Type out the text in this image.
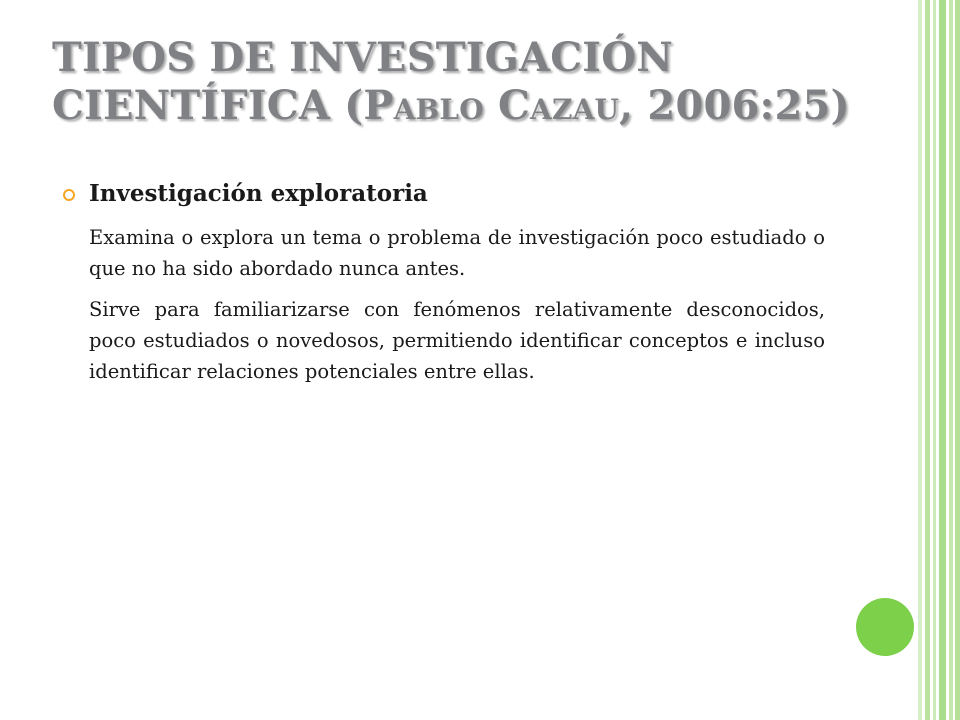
TIPOS DE INVESTIGACIÓN
CIENTÍFICA (Pablo Cazau, 2006:25)
Investigación exploratoria

Examina o explora un tema o problema de investigación poco estudiado o que no ha sido abordado nunca antes.

Sirve para familiarizarse con fenómenos relativamente desconocidos, poco estudiados o novedosos, permitiendo identificar conceptos e incluso identificar relaciones potenciales entre ellas.
